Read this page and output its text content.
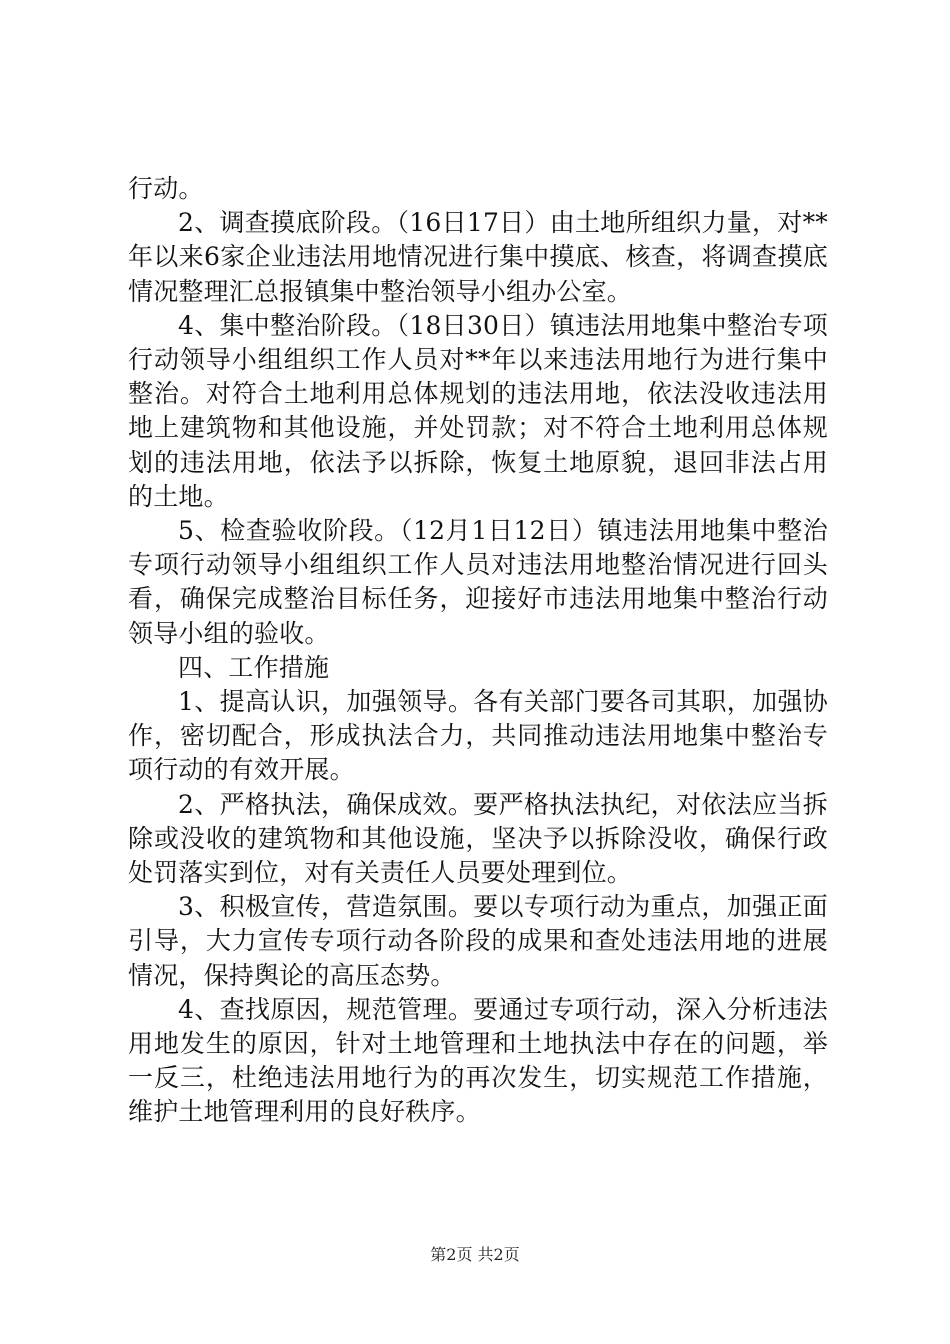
行动。

2、调查摸底阶段。（16日17日）由土地所组织力量，对**年以来6家企业违法用地情况进行集中摸底、核查，将调查摸底情况整理汇总报镇集中整治领导小组办公室。

4、集中整治阶段。（18日30日）镇违法用地集中整治专项行动领导小组组织工作人员对**年以来违法用地行为进行集中整治。对符合土地利用总体规划的违法用地，依法没收违法用地上建筑物和其他设施，并处罚款；对不符合土地利用总体规划的违法用地，依法予以拆除，恢复土地原貌，退回非法占用的土地。

5、检查验收阶段。（12月1日12日）镇违法用地集中整治专项行动领导小组组织工作人员对违法用地整治情况进行回头看，确保完成整治目标任务，迎接好市违法用地集中整治行动领导小组的验收。

四、工作措施

1、提高认识，加强领导。各有关部门要各司其职，加强协作，密切配合，形成执法合力，共同推动违法用地集中整治专项行动的有效开展。

2、严格执法，确保成效。要严格执法执纪，对依法应当拆除或没收的建筑物和其他设施，坚决予以拆除没收，确保行政处罚落实到位，对有关责任人员要处理到位。

3、积极宣传，营造氛围。要以专项行动为重点，加强正面引导，大力宣传专项行动各阶段的成果和查处违法用地的进展情况，保持舆论的高压态势。

4、查找原因，规范管理。要通过专项行动，深入分析违法用地发生的原因，针对土地管理和土地执法中存在的问题，举一反三，杜绝违法用地行为的再次发生，切实规范工作措施，维护土地管理利用的良好秩序。

第2页 共2页
